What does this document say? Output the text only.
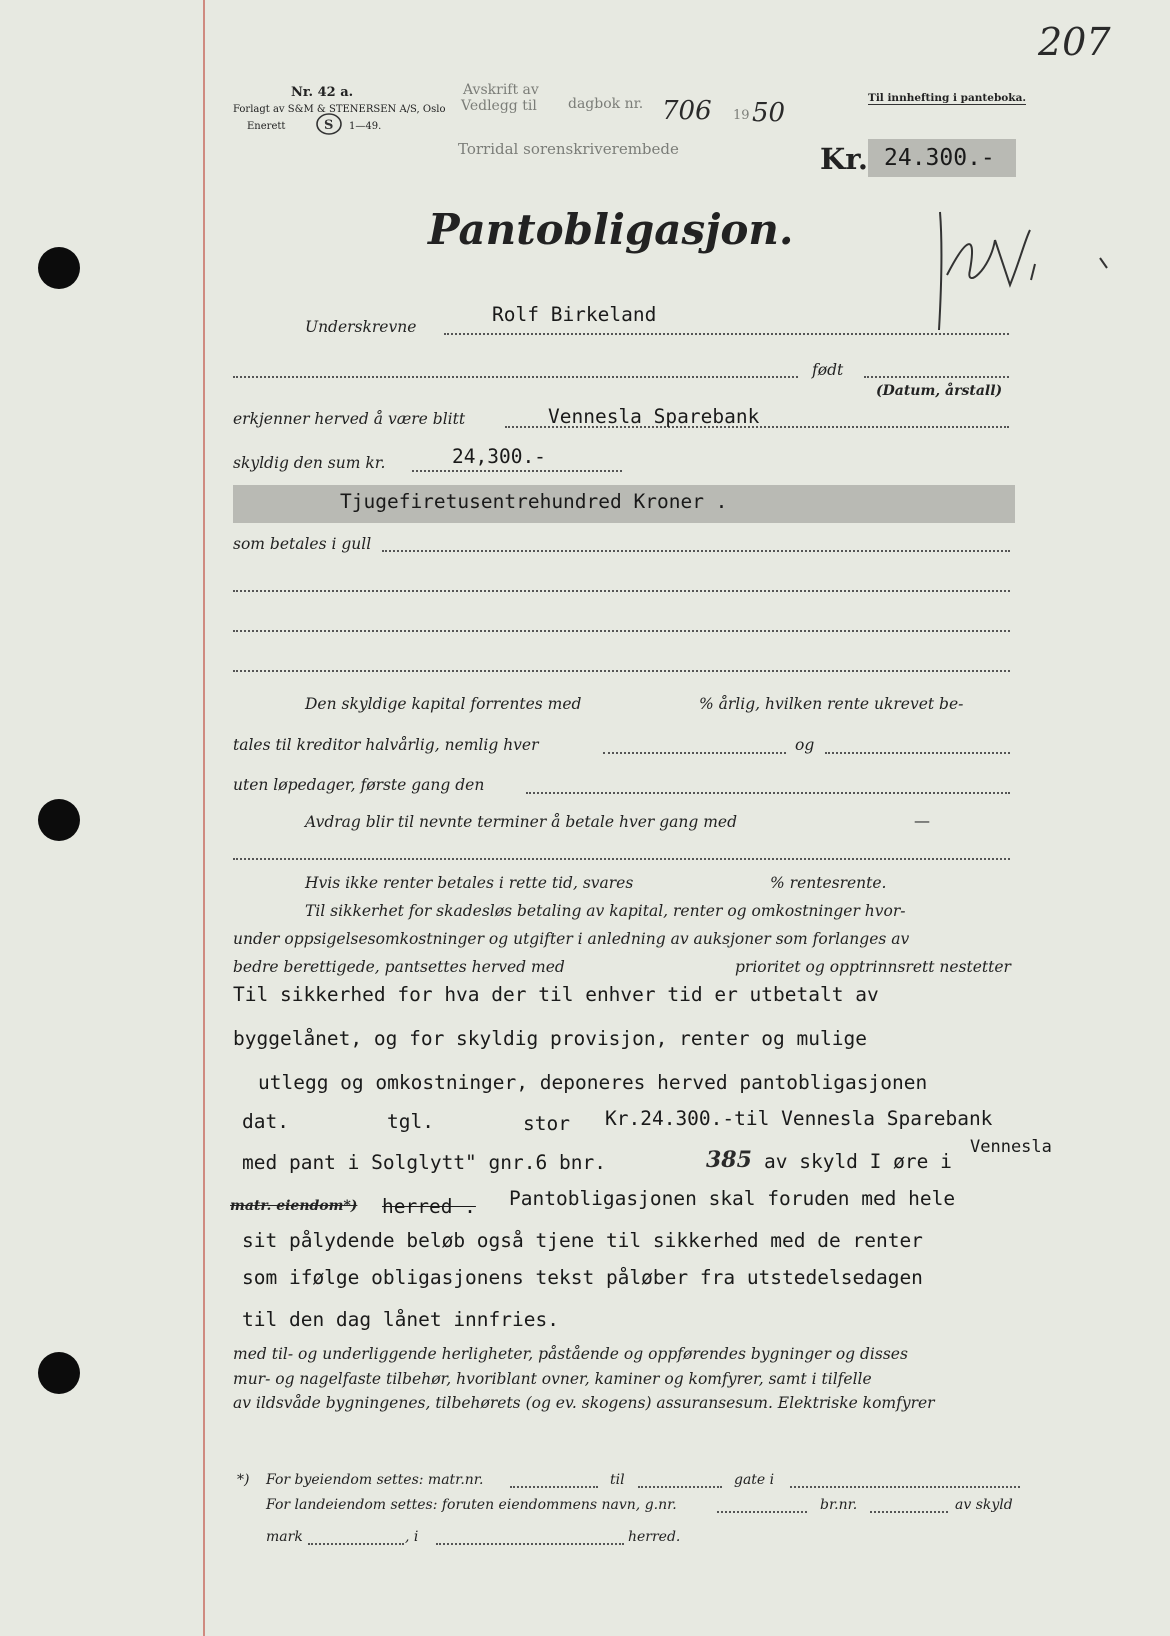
207
Nr. 42 a.
Forlagt av S&M & STENERSEN A/S, Oslo
Enerett	S 1—49.
Avskrift av
Vedlegg til dagbok nr. 706 19 50
Torridal sorenskriverembede
Til innhefting i panteboka.
Kr. 24.300.-
Pantobligasjon.	Kr
Underskrevne
Rolf Birkeland
født
(Datum, årstall)
erkjenner herved å være blitt	Vennesla Sparebank
skyldig den sum kr.	24,300.-
Tjugefiretusentrehundred Kroner .
som betales i gull
Den skyldige kapital forrentes med	% årlig, hvilken rente ukrevet be-
tales til kreditor halvårlig, nemlig hver	og
uten løpedager, første gang den
Avdrag blir til nevnte terminer å betale hver gang med	—
Hvis ikke renter betales i rette tid, svares	% rentesrente.
Til sikkerhet for skadesløs betaling av kapital, renter og omkostninger hvor-
under oppsigelsesomkostninger og utgifter i anledning av auksjoner som forlanges av
bedre berettigede, pantsettes herved med	prioritet og opptrinnsrett nestetter
Til sikkerhed for hva der til enhver tid er utbetalt av
byggelånet, og for skyldig provisjon, renter og mulige
utlegg og omkostninger, deponeres herved pantobligasjonen
dat.	tgl.	stor Kr.24.300.-til Vennesla Sparebank
med pant i Solglytt" gnr.6 bnr.	385 av skyld I øre i
Vennesla
matr. eiendom*) herred . Pantobligasjonen skal foruden med hele
sit pålydende beløb også tjene til sikkerhed med de renter
som ifølge obligasjonens tekst påløber fra utstedelsedagen
til den dag lånet innfries.
med til- og underliggende herligheter, påstående og oppførendes bygninger og disses
mur- og nagelfaste tilbehør, hvoriblant ovner, kaminer og komfyrer, samt i tilfelle
av ildsvåde bygningenes, tilbehørets (og ev. skogens) assuransesum. Elektriske komfyrer
*) For byeiendom settes: matr.nr.	til	gate i
For landeiendom settes: foruten eiendommens navn, g.nr.	br.nr.	av skyld
mark	, i	herred.
